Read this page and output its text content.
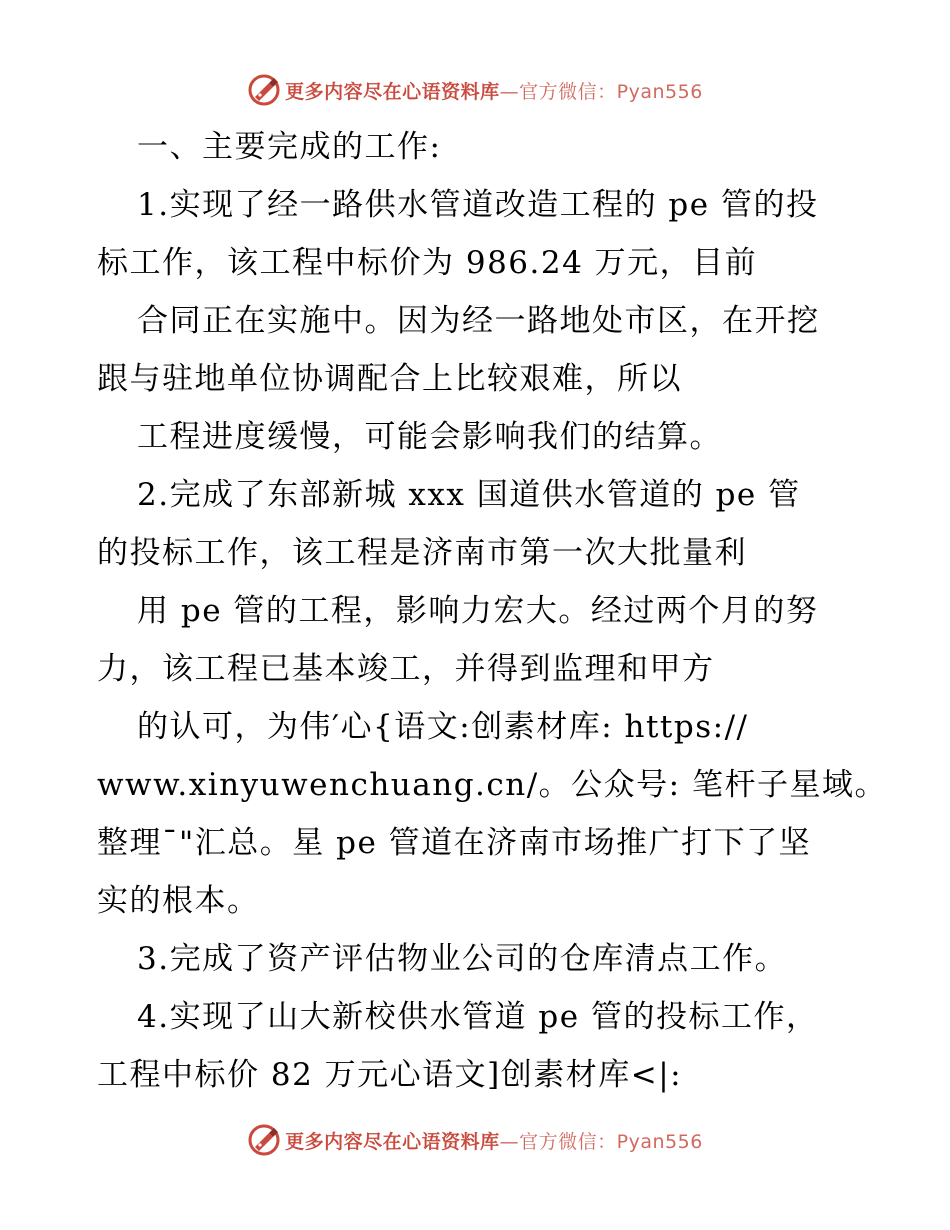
更多内容尽在心语资料库—官方微信：Pyan556
一、主要完成的工作:
1.实现了经一路供水管道改造工程的 pe 管的投
标工作，该工程中标价为 986.24 万元，目前
合同正在实施中。因为经一路地处市区，在开挖
跟与驻地单位协调配合上比较艰难，所以
工程进度缓慢，可能会影响我们的结算。
2.完成了东部新城 xxx 国道供水管道的 pe 管
的投标工作，该工程是济南市第一次大批量利
用 pe 管的工程，影响力宏大。经过两个月的努
力，该工程已基本竣工，并得到监理和甲方
的认可，为伟′心{语文:创素材库: https://
www.xinyuwenchuang.cn/。公众号: 笔杆子星域。
整理¯"汇总。星 pe 管道在济南市场推广打下了坚
实的根本。
3.完成了资产评估物业公司的仓库清点工作。
4.实现了山大新校供水管道 pe 管的投标工作，
工程中标价 82 万元心语文]创素材库<|:
更多内容尽在心语资料库—官方微信：Pyan556
